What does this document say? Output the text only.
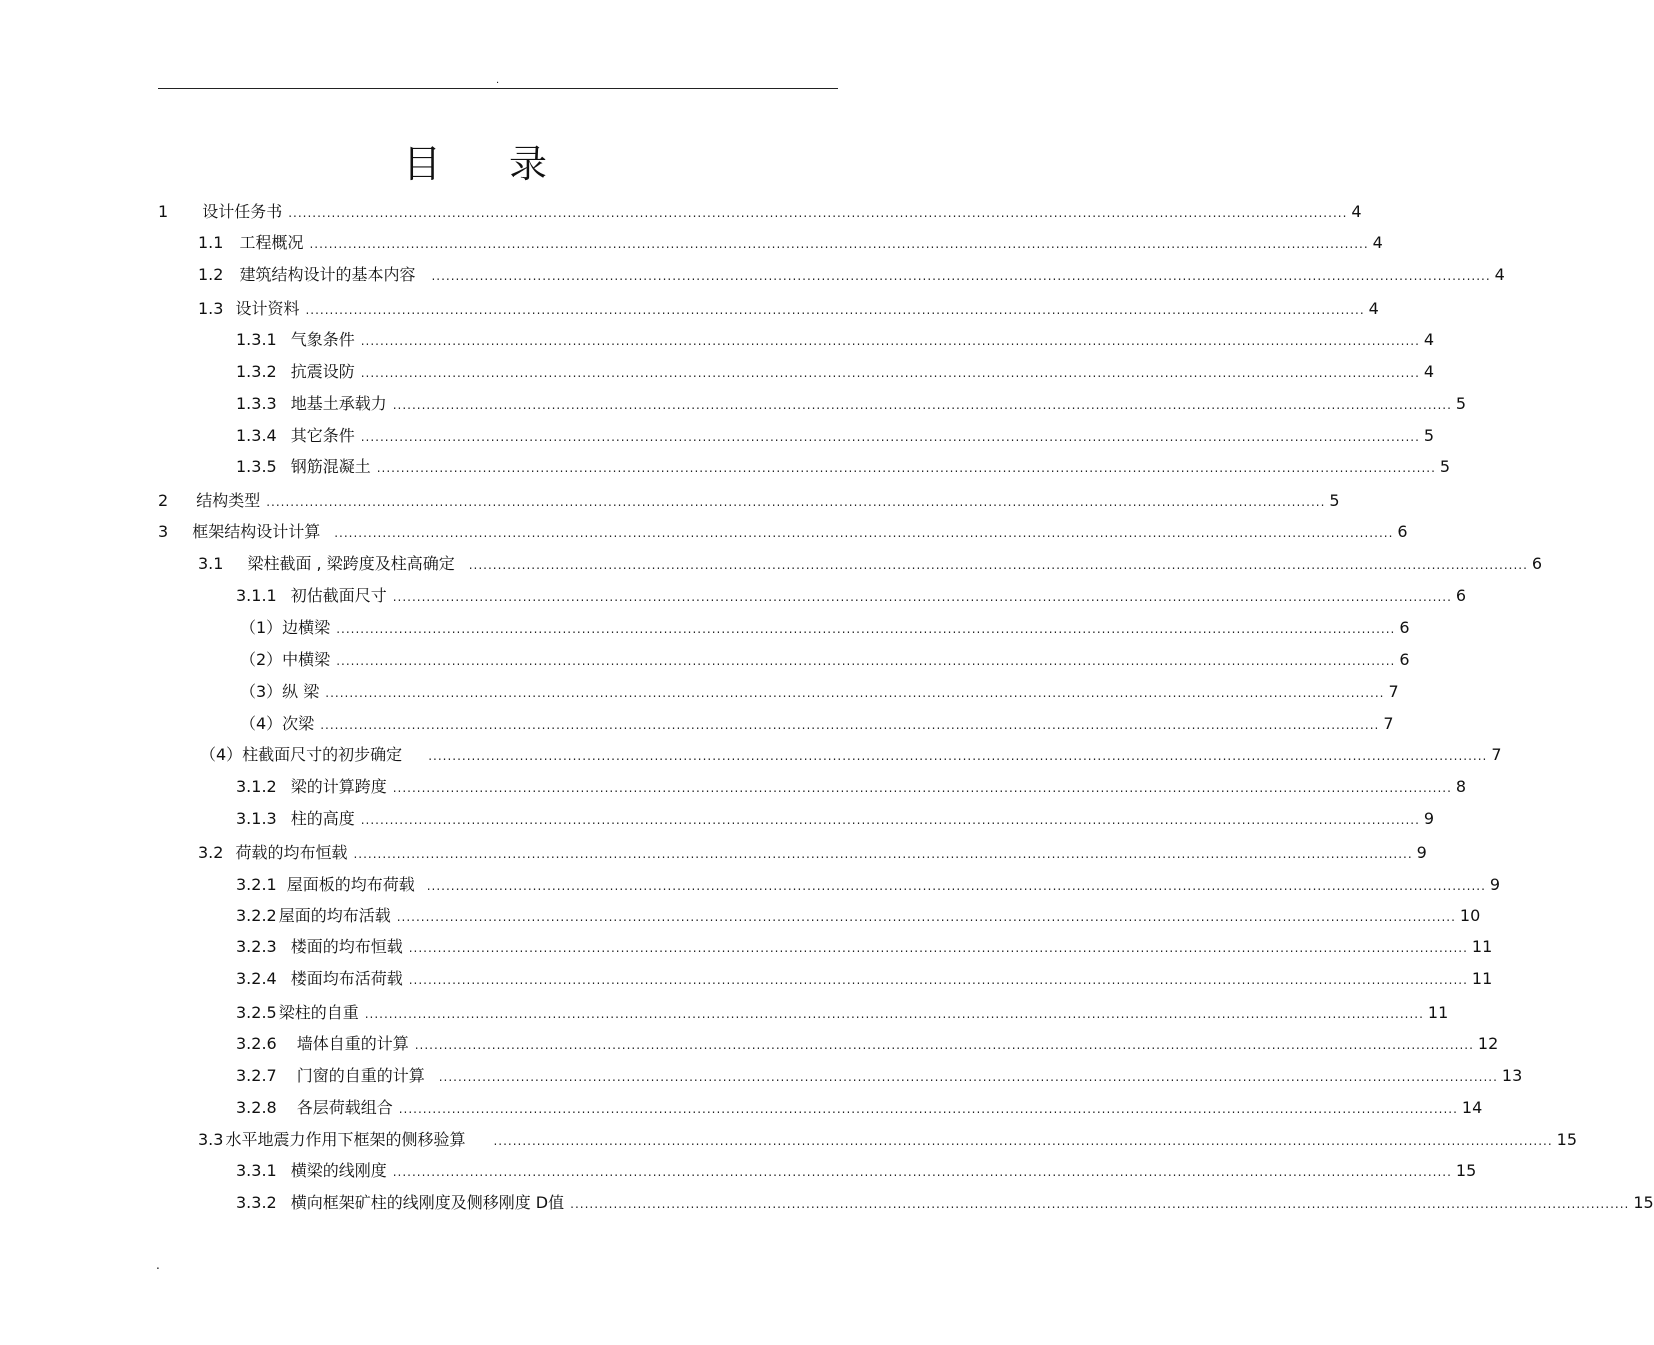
.
目 录
1 设计任务书 ............................................................................................................................................................................................................................ 4
1.1 工程概况 ............................................................................................................................................................................................................................ 4
1.2 建筑结构设计的基本内容 ............................................................................................................................................................................................................................ 4
1.3 设计资料 ............................................................................................................................................................................................................................ 4
1.3.1 气象条件 ............................................................................................................................................................................................................................ 4
1.3.2 抗震设防 ............................................................................................................................................................................................................................ 4
1.3.3 地基土承载力 ............................................................................................................................................................................................................................ 5
1.3.4 其它条件 ............................................................................................................................................................................................................................ 5
1.3.5 钢筋混凝土 ............................................................................................................................................................................................................................ 5
2 结构类型 ............................................................................................................................................................................................................................ 5
3 框架结构设计计算 ............................................................................................................................................................................................................................ 6
3.1 梁柱截面 , 梁跨度及柱高确定 ............................................................................................................................................................................................................................ 6
3.1.1 初估截面尺寸 ............................................................................................................................................................................................................................ 6
（1）边横梁 ............................................................................................................................................................................................................................ 6
（2）中横梁 ............................................................................................................................................................................................................................ 6
（3）纵 梁 ............................................................................................................................................................................................................................ 7
（4）次梁 ............................................................................................................................................................................................................................ 7
（4）柱截面尺寸的初步确定 ............................................................................................................................................................................................................................ 7
3.1.2 梁的计算跨度 ............................................................................................................................................................................................................................ 8
3.1.3 柱的高度 ............................................................................................................................................................................................................................ 9
3.2 荷载的均布恒载 ............................................................................................................................................................................................................................ 9
3.2.1 屋面板的均布荷载 ............................................................................................................................................................................................................................ 9
3.2.2 屋面的均布活载 ............................................................................................................................................................................................................................ 10
3.2.3 楼面的均布恒载 ............................................................................................................................................................................................................................ 11
3.2.4 楼面均布活荷载 ............................................................................................................................................................................................................................ 11
3.2.5 梁柱的自重 ............................................................................................................................................................................................................................ 11
3.2.6 墙体自重的计算 ............................................................................................................................................................................................................................ 12
3.2.7 门窗的自重的计算 ............................................................................................................................................................................................................................ 13
3.2.8 各层荷载组合 ............................................................................................................................................................................................................................ 14
3.3 水平地震力作用下框架的侧移验算 ............................................................................................................................................................................................................................ 15
3.3.1 横梁的线刚度 ............................................................................................................................................................................................................................ 15
3.3.2 横向框架矿柱的线刚度及侧移刚度 D值 ............................................................................................................................................................................................................................ 15
.
